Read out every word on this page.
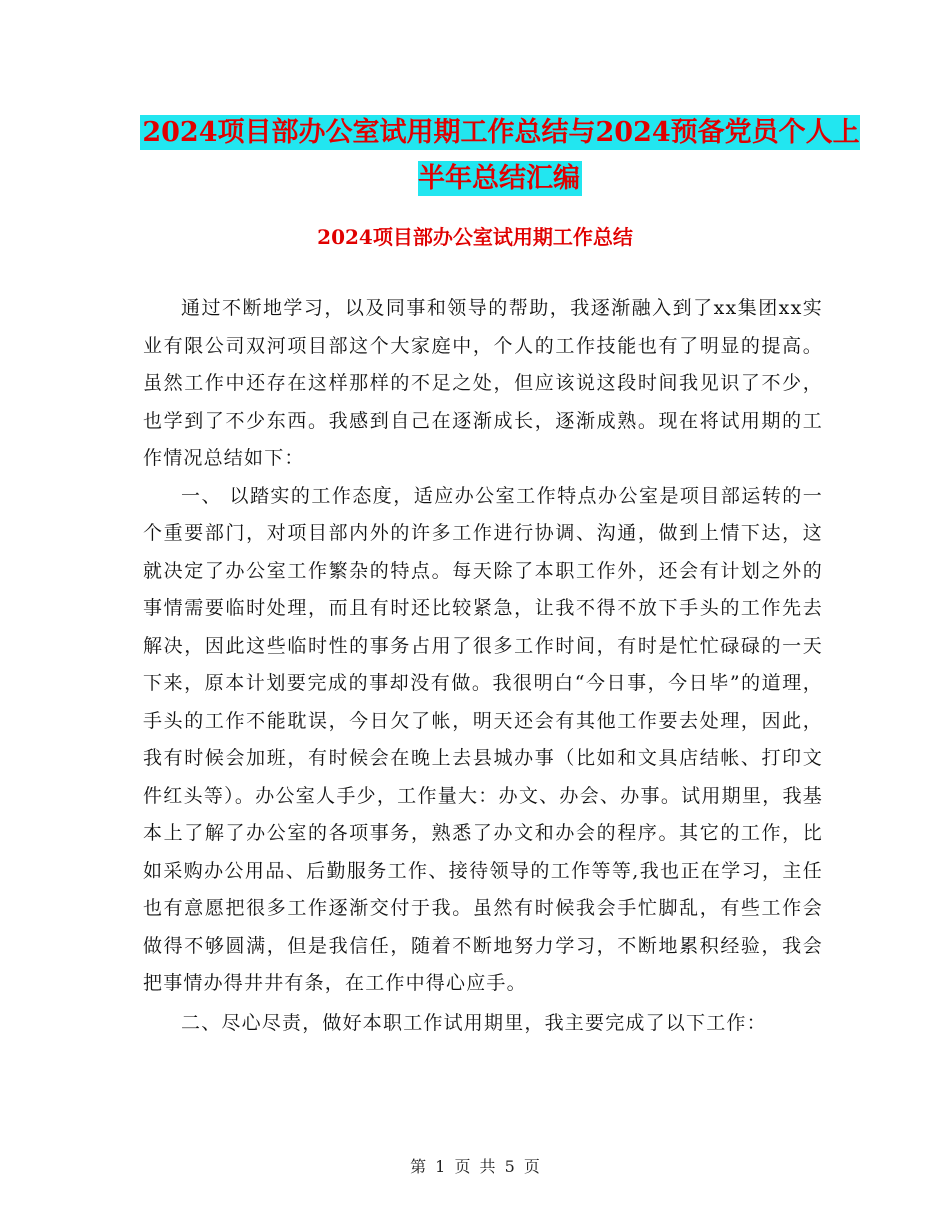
2024项目部办公室试用期工作总结与2024预备党员个人上半年总结汇编
2024项目部办公室试用期工作总结

通过不断地学习，以及同事和领导的帮助，我逐渐融入到了xx集团xx实业有限公司双河项目部这个大家庭中，个人的工作技能也有了明显的提高。虽然工作中还存在这样那样的不足之处，但应该说这段时间我见识了不少，也学到了不少东西。我感到自己在逐渐成长，逐渐成熟。现在将试用期的工作情况总结如下：

一、 以踏实的工作态度，适应办公室工作特点办公室是项目部运转的一个重要部门，对项目部内外的许多工作进行协调、沟通，做到上情下达，这就决定了办公室工作繁杂的特点。每天除了本职工作外，还会有计划之外的事情需要临时处理，而且有时还比较紧急，让我不得不放下手头的工作先去解决，因此这些临时性的事务占用了很多工作时间，有时是忙忙碌碌的一天下来，原本计划要完成的事却没有做。我很明白“今日事，今日毕”的道理，手头的工作不能耽误，今日欠了帐，明天还会有其他工作要去处理，因此，我有时候会加班，有时候会在晚上去县城办事（比如和文具店结帐、打印文件红头等）。办公室人手少，工作量大：办文、办会、办事。试用期里，我基本上了解了办公室的各项事务，熟悉了办文和办会的程序。其它的工作，比如采购办公用品、后勤服务工作、接待领导的工作等等,我也正在学习，主任也有意愿把很多工作逐渐交付于我。虽然有时候我会手忙脚乱，有些工作会做得不够圆满，但是我信任，随着不断地努力学习，不断地累积经验，我会把事情办得井井有条，在工作中得心应手。

二、尽心尽责，做好本职工作试用期里，我主要完成了以下工作：

第 1 页 共 5 页
